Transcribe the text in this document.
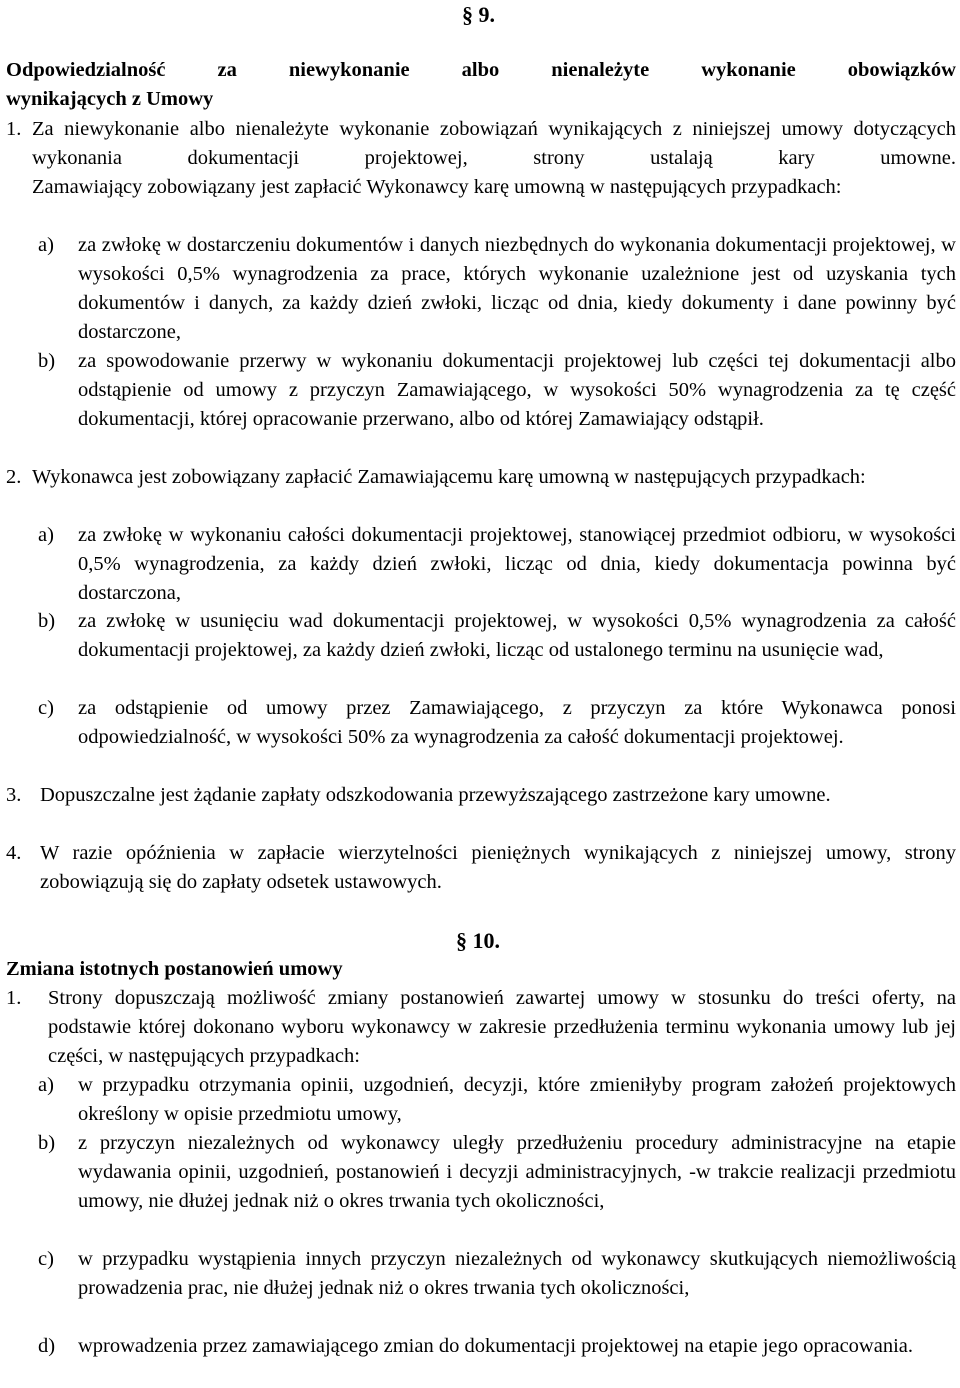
§ 9.
Odpowiedzialność za niewykonanie albo nienależyte wykonanie obowiązków
wynikających z Umowy
1. Za niewykonanie albo nienależyte wykonanie zobowiązań wynikających z niniejszej umowy dotyczących wykonania dokumentacji projektowej, strony ustalają kary umowne.
Zamawiający zobowiązany jest zapłacić Wykonawcy karę umowną w następujących przypadkach:
a) za zwłokę w dostarczeniu dokumentów i danych niezbędnych do wykonania dokumentacji projektowej, w wysokości 0,5% wynagrodzenia za prace, których wykonanie uzależnione jest od uzyskania tych dokumentów i danych, za każdy dzień zwłoki, licząc od dnia, kiedy dokumenty i dane powinny być dostarczone,
b) za spowodowanie przerwy w wykonaniu dokumentacji projektowej lub części tej dokumentacji albo odstąpienie od umowy z przyczyn Zamawiającego, w wysokości 50% wynagrodzenia za tę część dokumentacji, której opracowanie przerwano, albo od której Zamawiający odstąpił.
2. Wykonawca jest zobowiązany zapłacić Zamawiającemu karę umowną w następujących przypadkach:
a) za zwłokę w wykonaniu całości dokumentacji projektowej, stanowiącej przedmiot odbioru, w wysokości 0,5% wynagrodzenia, za każdy dzień zwłoki, licząc od dnia, kiedy dokumentacja powinna być dostarczona,
b) za zwłokę w usunięciu wad dokumentacji projektowej, w wysokości 0,5% wynagrodzenia za całość dokumentacji projektowej, za każdy dzień zwłoki, licząc od ustalonego terminu na usunięcie wad,
c) za odstąpienie od umowy przez Zamawiającego, z przyczyn za które Wykonawca ponosi odpowiedzialność, w wysokości 50% za wynagrodzenia za całość dokumentacji projektowej.
3. Dopuszczalne jest żądanie zapłaty odszkodowania przewyższającego zastrzeżone kary umowne.
4. W razie opóźnienia w zapłacie wierzytelności pieniężnych wynikających z niniejszej umowy, strony zobowiązują się do zapłaty odsetek ustawowych.
§ 10.
Zmiana istotnych postanowień umowy
1. Strony dopuszczają możliwość zmiany postanowień zawartej umowy w stosunku do treści oferty, na podstawie której dokonano wyboru wykonawcy w zakresie przedłużenia terminu wykonania umowy lub jej części, w następujących przypadkach:
a) w przypadku otrzymania opinii, uzgodnień, decyzji, które zmieniłyby program założeń projektowych określony w opisie przedmiotu umowy,
b) z przyczyn niezależnych od wykonawcy uległy przedłużeniu procedury administracyjne na etapie wydawania opinii, uzgodnień, postanowień i decyzji administracyjnych, -w trakcie realizacji przedmiotu umowy, nie dłużej jednak niż o okres trwania tych okoliczności,
c) w przypadku wystąpienia innych przyczyn niezależnych od wykonawcy skutkujących niemożliwością prowadzenia prac, nie dłużej jednak niż o okres trwania tych okoliczności,
d) wprowadzenia przez zamawiającego zmian do dokumentacji projektowej na etapie jego opracowania.
